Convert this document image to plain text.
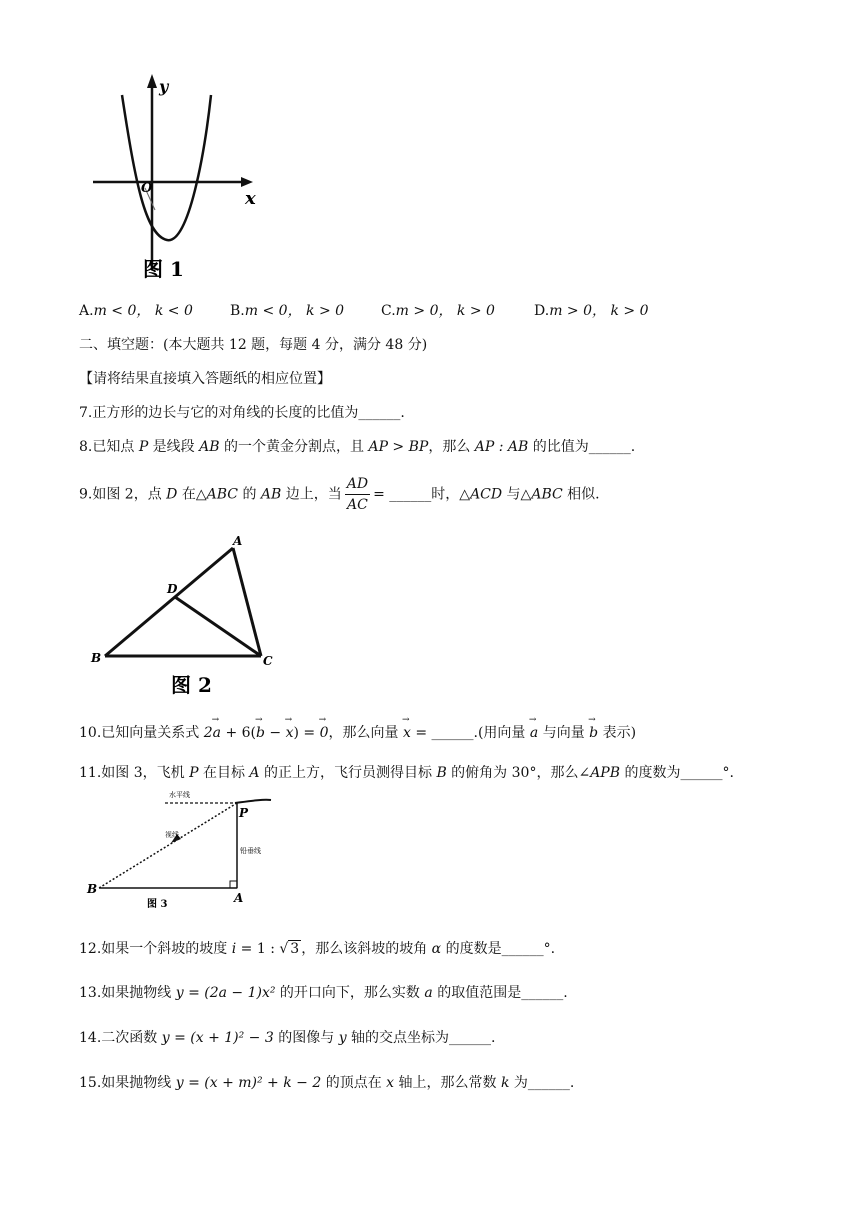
y
x
O
图 1
A.m < 0， k < 0	B.m < 0， k > 0	C.m > 0， k > 0	D.m > 0， k > 0
二、填空题：(本大题共 12 题，每题 4 分，满分 48 分)
【请将结果直接填入答题纸的相应位置】
7.正方形的边长与它的对角线的长度的比值为______.
8.已知点 P 是线段 AB 的一个黄金分割点，且 AP > BP，那么 AP : AB 的比值为______.
9.如图 2，点 D 在△ABC 的 AB 边上，当 $\frac{AD}{AC}$ = ______时，△ACD 与△ABC 相似.
A
B	C
D
图 2
10.已知向量关系式 2→ a + 6(→ b − → x) = → 0，那么向量 → x = ______.(用向量 → a 与向量 → b 表示)
11.如图 3，飞机 P 在目标 A 的正上方，飞行员测得目标 B 的俯角为 30°，那么∠APB 的度数为______°.
水平线
视线
铅垂线
P
A
B
图 3
12.如果一个斜坡的坡度 i = 1 : √ 3 ，那么该斜坡的坡角 α 的度数是______°.
13.如果抛物线 y = (2a − 1)x² 的开口向下，那么实数 a 的取值范围是______.
14.二次函数 y = (x + 1)² − 3 的图像与 y 轴的交点坐标为______.
15.如果抛物线 y = (x + m)² + k − 2 的顶点在 x 轴上，那么常数 k 为______.
